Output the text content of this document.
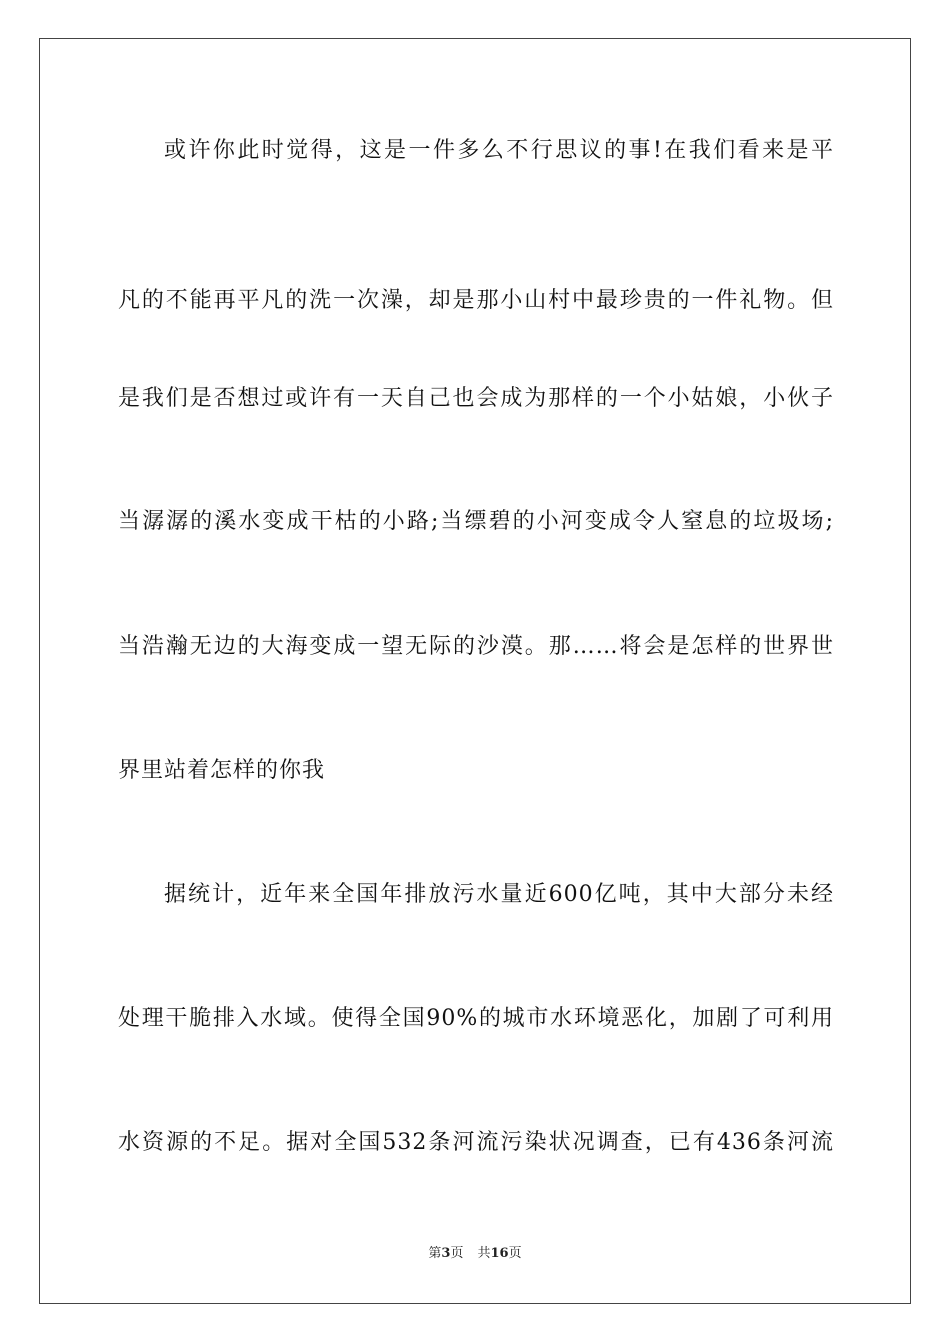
或许你此时觉得，这是一件多么不行思议的事!在我们看来是平
凡的不能再平凡的洗一次澡，却是那小山村中最珍贵的一件礼物。但
是我们是否想过或许有一天自己也会成为那样的一个小姑娘，小伙子
当潺潺的溪水变成干枯的小路;当缥碧的小河变成令人窒息的垃圾场;
当浩瀚无边的大海变成一望无际的沙漠。那……将会是怎样的世界世
界里站着怎样的你我
据统计，近年来全国年排放污水量近600亿吨，其中大部分未经
处理干脆排入水域。使得全国90%的城市水环境恶化，加剧了可利用
水资源的不足。据对全国532条河流污染状况调查，已有436条河流
第3页 共16页
